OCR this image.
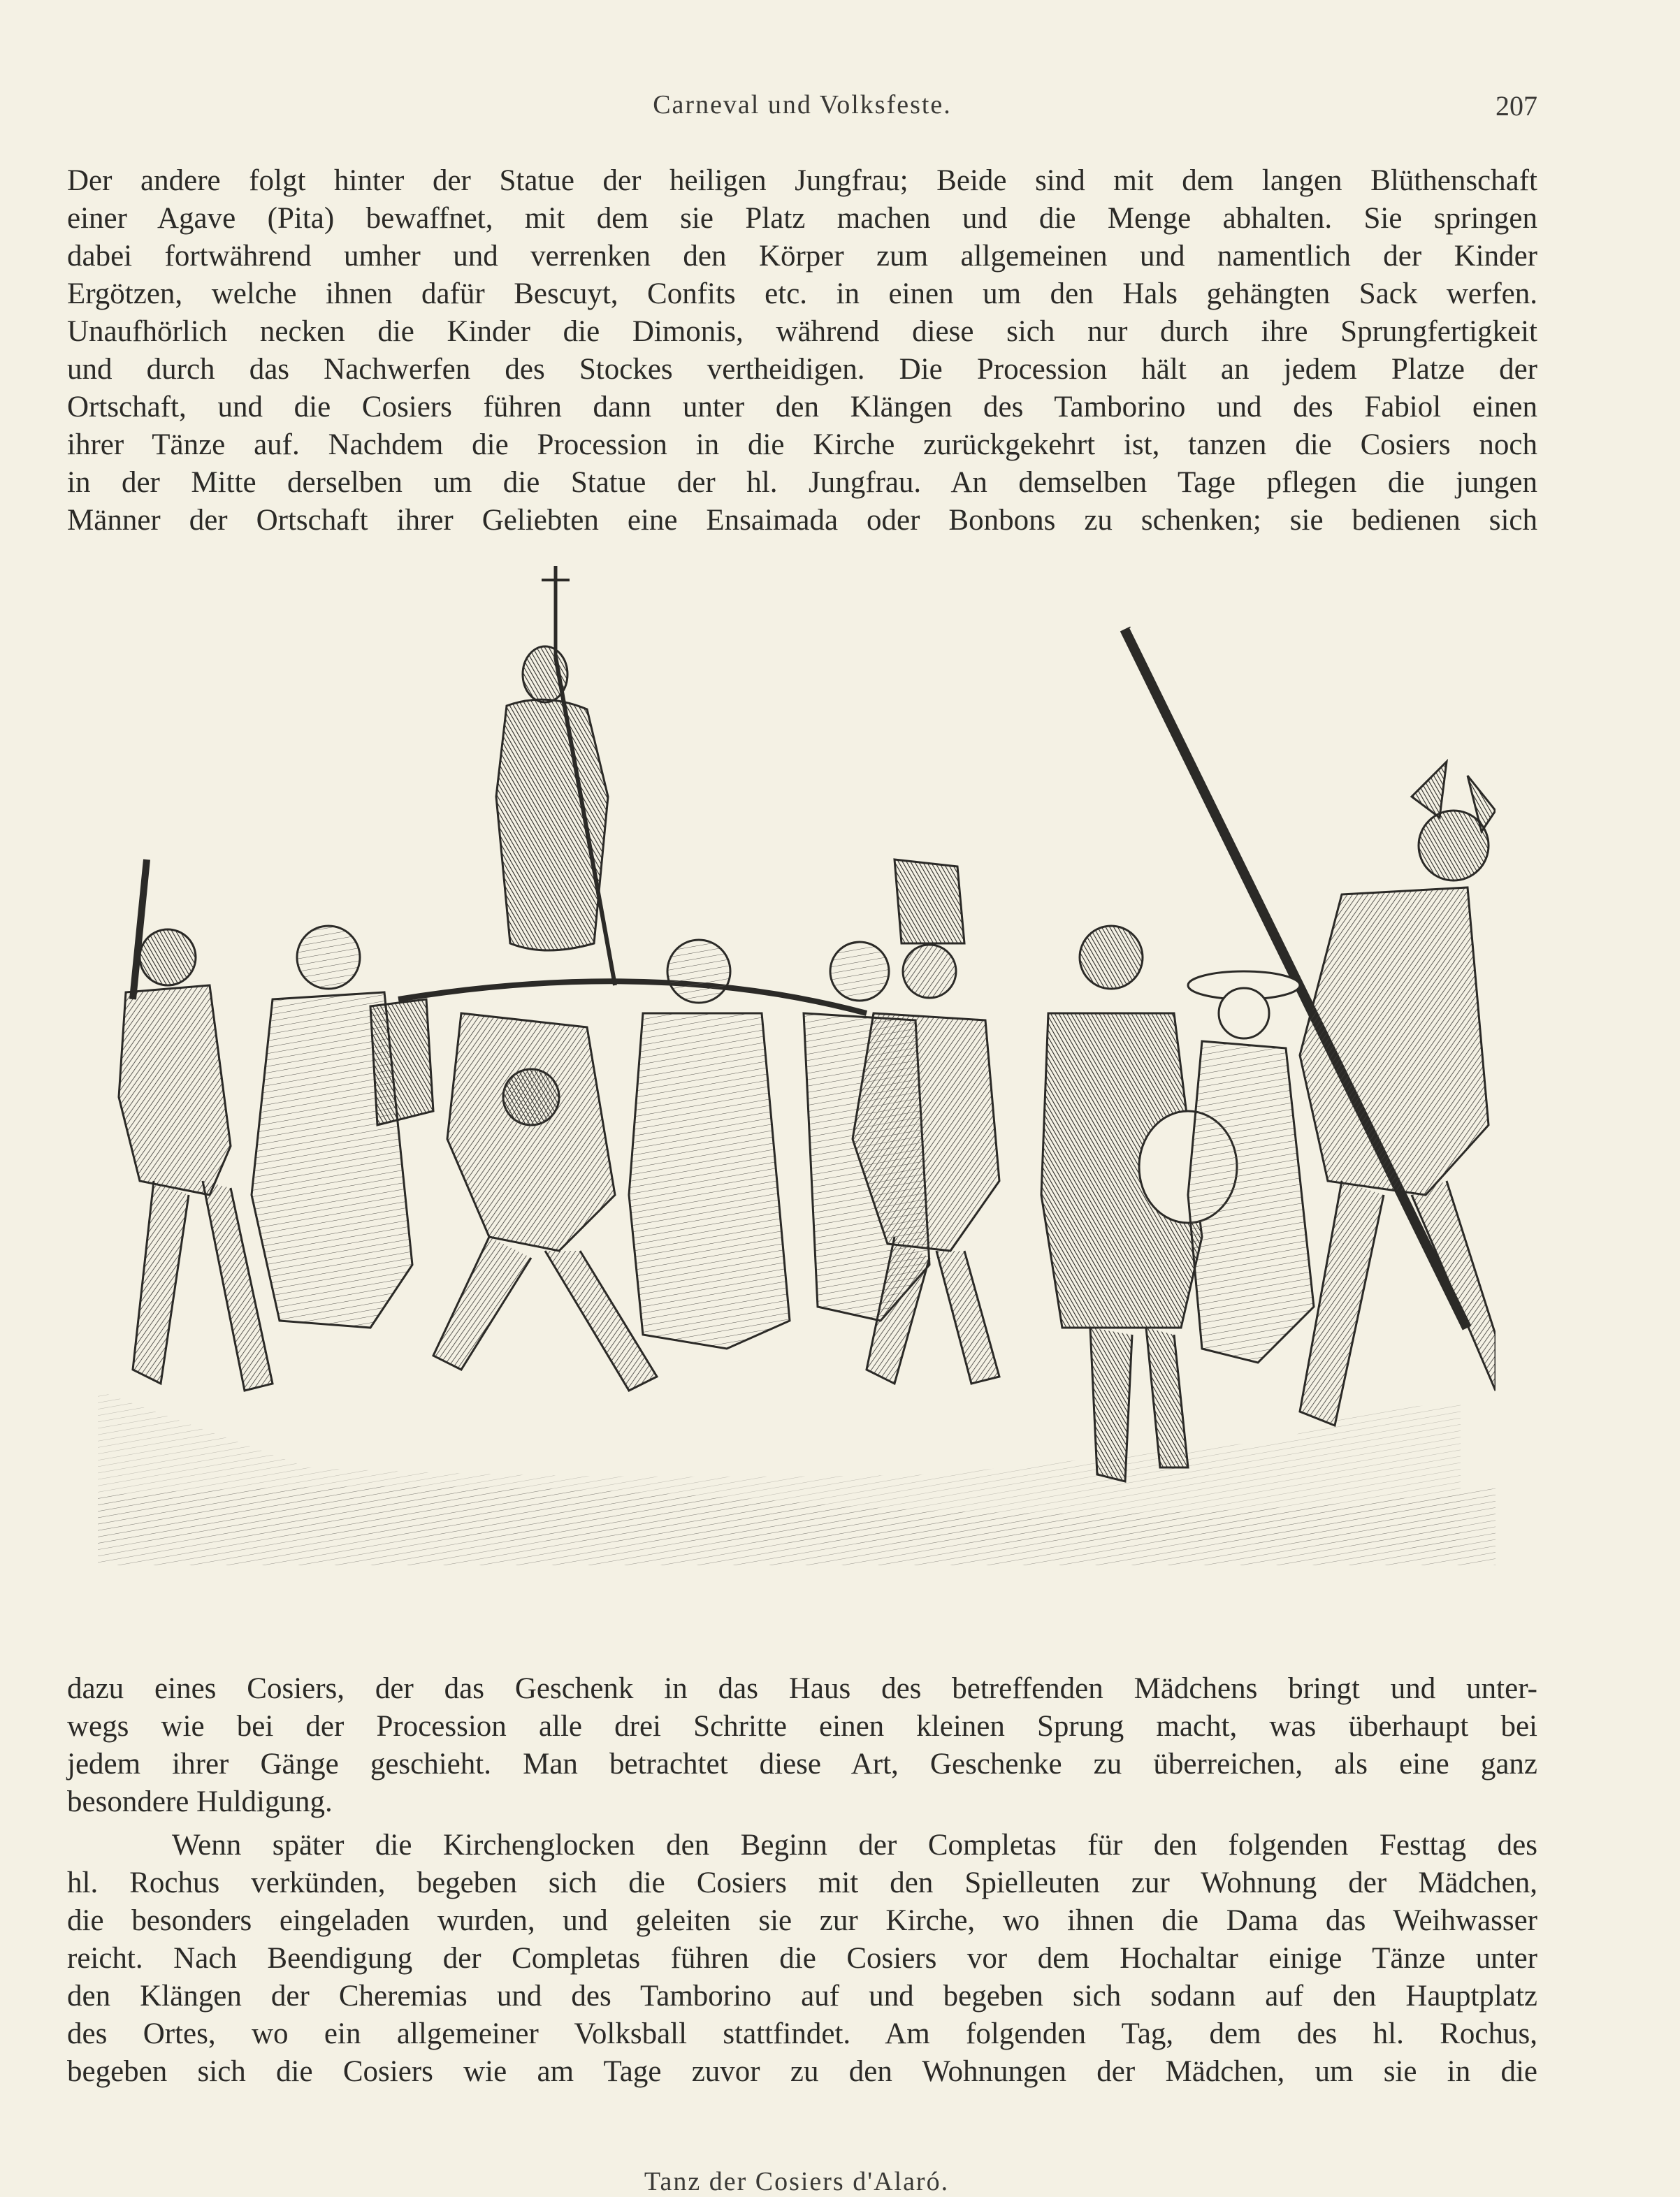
Carneval und Volksfeste.	207
Der andere folgt hinter der Statue der heiligen Jungfrau; Beide sind mit dem langen Blüthenschaft
einer Agave (Pita) bewaffnet, mit dem sie Platz machen und die Menge abhalten. Sie springen
dabei fortwährend umher und verrenken den Körper zum allgemeinen und namentlich der Kinder
Ergötzen, welche ihnen dafür Bescuyt, Confits etc. in einen um den Hals gehängten Sack werfen.
Unaufhörlich necken die Kinder die Dimonis, während diese sich nur durch ihre Sprungfertigkeit
und durch das Nachwerfen des Stockes vertheidigen. Die Procession hält an jedem Platze der
Ortschaft, und die Cosiers führen dann unter den Klängen des Tamborino und des Fabiol einen
ihrer Tänze auf. Nachdem die Procession in die Kirche zurückgekehrt ist, tanzen die Cosiers noch
in der Mitte derselben um die Statue der hl. Jungfrau. An demselben Tage pflegen die jungen
Männer der Ortschaft ihrer Geliebten eine Ensaimada oder Bonbons zu schenken; sie bedienen sich
Tanz der Cosiers d'Alaró.
dazu eines Cosiers, der das Geschenk in das Haus des betreffenden Mädchens bringt und unter-
wegs wie bei der Procession alle drei Schritte einen kleinen Sprung macht, was überhaupt bei
jedem ihrer Gänge geschieht. Man betrachtet diese Art, Geschenke zu überreichen, als eine ganz
besondere Huldigung.
Wenn später die Kirchenglocken den Beginn der Completas für den folgenden Festtag des
hl. Rochus verkünden, begeben sich die Cosiers mit den Spielleuten zur Wohnung der Mädchen,
die besonders eingeladen wurden, und geleiten sie zur Kirche, wo ihnen die Dama das Weihwasser
reicht. Nach Beendigung der Completas führen die Cosiers vor dem Hochaltar einige Tänze unter
den Klängen der Cheremias und des Tamborino auf und begeben sich sodann auf den Hauptplatz
des Ortes, wo ein allgemeiner Volksball stattfindet. Am folgenden Tag, dem des hl. Rochus,
begeben sich die Cosiers wie am Tage zuvor zu den Wohnungen der Mädchen, um sie in die
